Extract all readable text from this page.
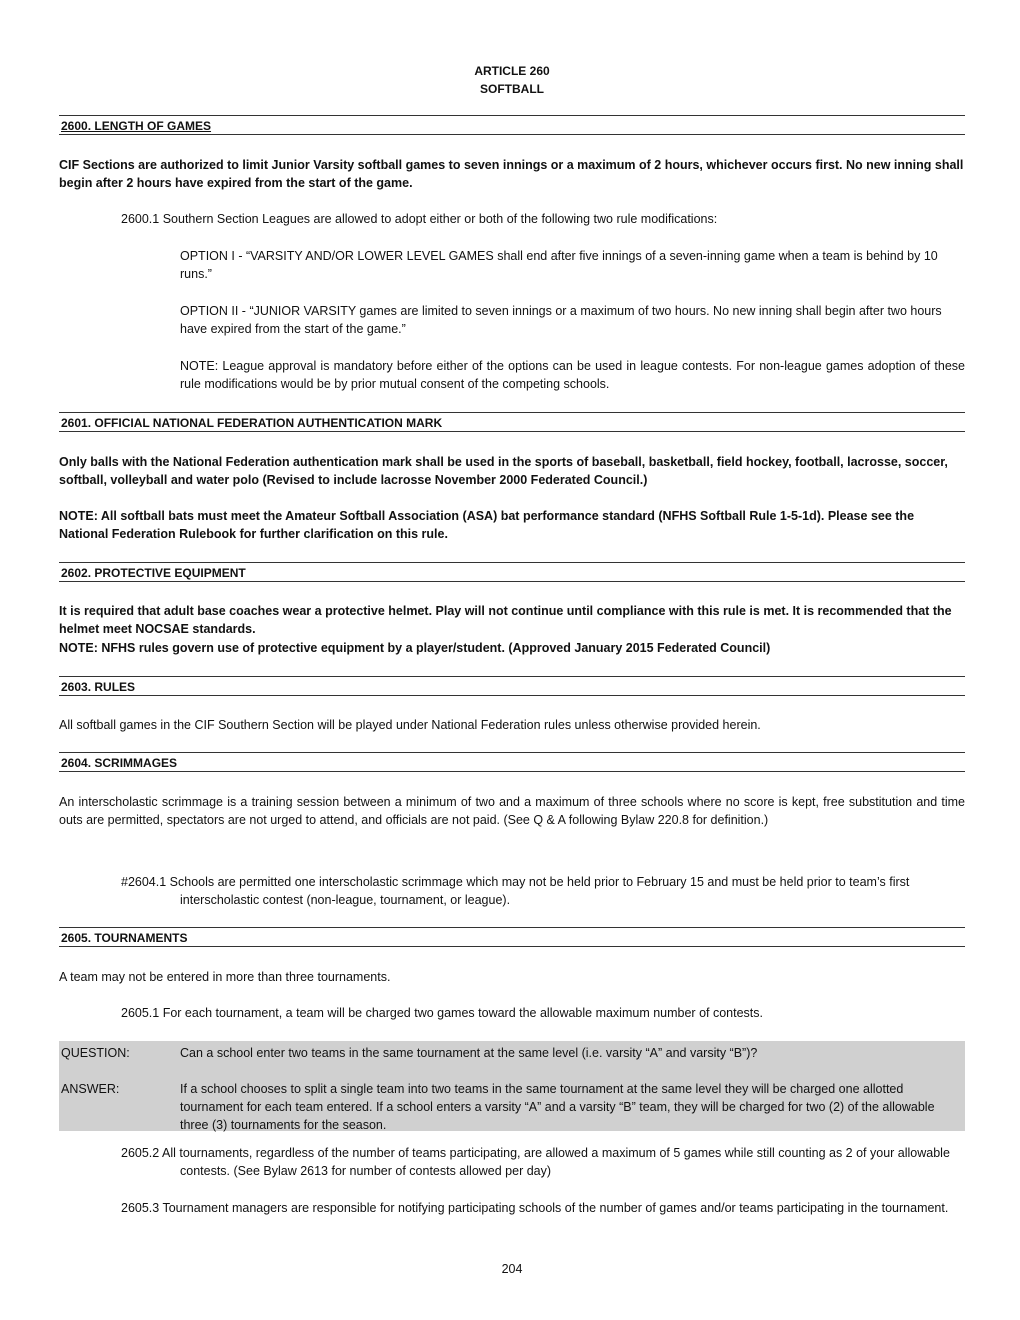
ARTICLE 260
SOFTBALL
2600. LENGTH OF GAMES
CIF Sections are authorized to limit Junior Varsity softball games to seven innings or a maximum of 2 hours, whichever occurs first. No new inning shall begin after 2 hours have expired from the start of the game.
2600.1 Southern Section Leagues are allowed to adopt either or both of the following two rule modifications:
OPTION I - “VARSITY AND/OR LOWER LEVEL GAMES shall end after five innings of a seven-inning game when a team is behind by 10 runs.”
OPTION II - “JUNIOR VARSITY games are limited to seven innings or a maximum of two hours. No new inning shall begin after two hours have expired from the start of the game.”
NOTE: League approval is mandatory before either of the options can be used in league contests. For non-league games adoption of these rule modifications would be by prior mutual consent of the competing schools.
2601. OFFICIAL NATIONAL FEDERATION AUTHENTICATION MARK
Only balls with the National Federation authentication mark shall be used in the sports of baseball, basketball, field hockey, football, lacrosse, soccer, softball, volleyball and water polo (Revised to include lacrosse November 2000 Federated Council.)
NOTE: All softball bats must meet the Amateur Softball Association (ASA) bat performance standard (NFHS Softball Rule 1-5-1d). Please see the National Federation Rulebook for further clarification on this rule.
2602. PROTECTIVE EQUIPMENT
It is required that adult base coaches wear a protective helmet. Play will not continue until compliance with this rule is met. It is recommended that the helmet meet NOCSAE standards.
NOTE: NFHS rules govern use of protective equipment by a player/student. (Approved January 2015 Federated Council)
2603. RULES
All softball games in the CIF Southern Section will be played under National Federation rules unless otherwise provided herein.
2604. SCRIMMAGES
An interscholastic scrimmage is a training session between a minimum of two and a maximum of three schools where no score is kept, free substitution and time outs are permitted, spectators are not urged to attend, and officials are not paid. (See Q & A following Bylaw 220.8 for definition.)
#2604.1 Schools are permitted one interscholastic scrimmage which may not be held prior to February 15 and must be held prior to team’s first interscholastic contest (non-league, tournament, or league).
2605. TOURNAMENTS
A team may not be entered in more than three tournaments.
2605.1 For each tournament, a team will be charged two games toward the allowable maximum number of contests.
QUESTION:	Can a school enter two teams in the same tournament at the same level (i.e. varsity “A” and varsity “B”)?
ANSWER:	If a school chooses to split a single team into two teams in the same tournament at the same level they will be charged one allotted tournament for each team entered. If a school enters a varsity “A” and a varsity “B” team, they will be charged for two (2) of the allowable three (3) tournaments for the season.
2605.2 All tournaments, regardless of the number of teams participating, are allowed a maximum of 5 games while still counting as 2 of your allowable contests. (See Bylaw 2613 for number of contests allowed per day)
2605.3 Tournament managers are responsible for notifying participating schools of the number of games and/or teams participating in the tournament.
204
